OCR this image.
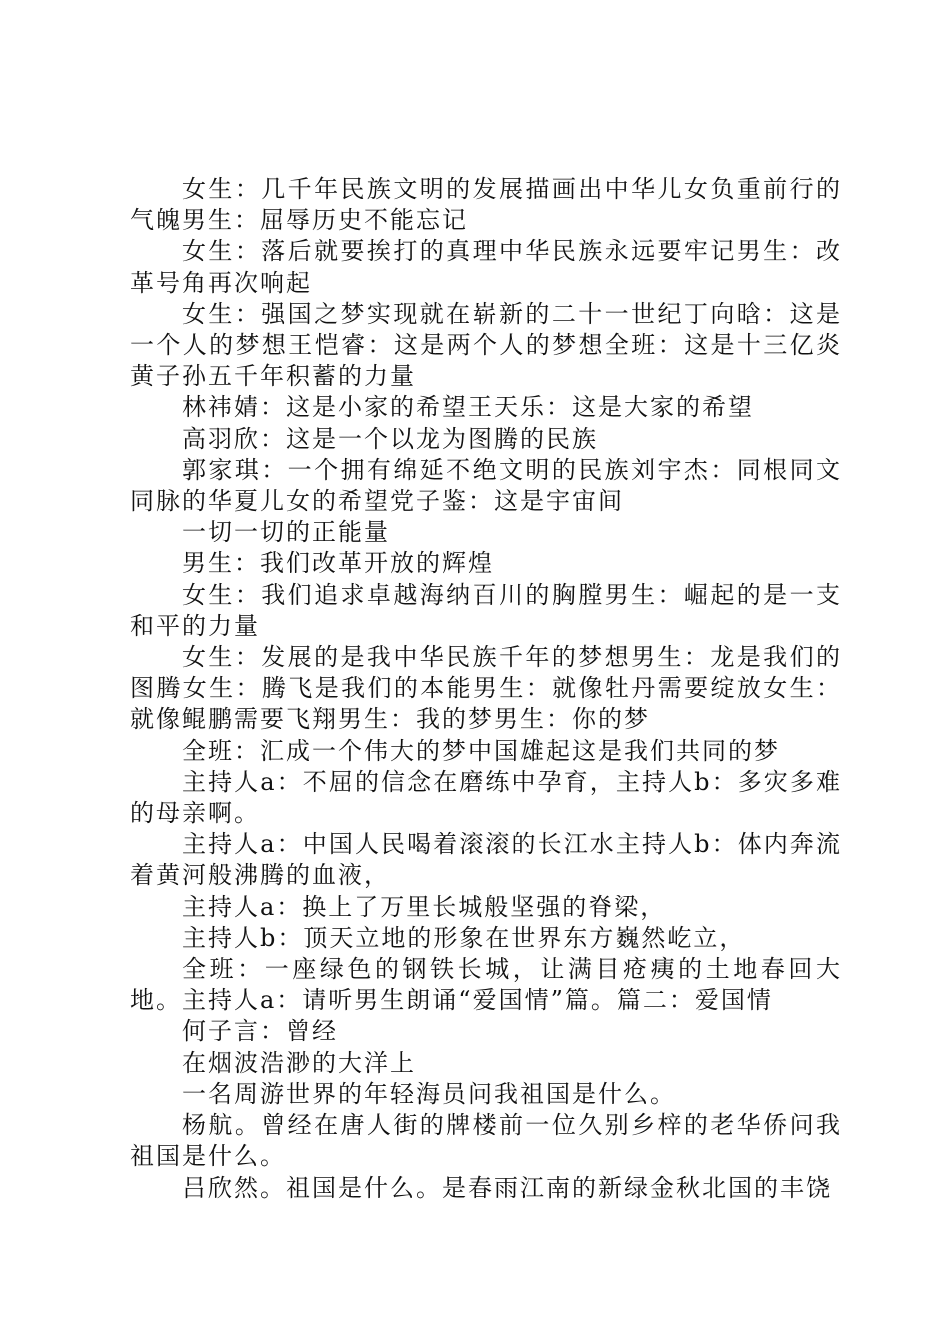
女生：几千年民族文明的发展描画出中华儿女负重前行的气魄男生：屈辱历史不能忘记

女生：落后就要挨打的真理中华民族永远要牢记男生：改革号角再次响起

女生：强国之梦实现就在崭新的二十一世纪丁向晗：这是一个人的梦想王恺睿：这是两个人的梦想全班：这是十三亿炎黄子孙五千年积蓄的力量

林祎婧：这是小家的希望王天乐：这是大家的希望

高羽欣：这是一个以龙为图腾的民族

郭家琪：一个拥有绵延不绝文明的民族刘宇杰：同根同文同脉的华夏儿女的希望党子鉴：这是宇宙间

一切一切的正能量

男生：我们改革开放的辉煌

女生：我们追求卓越海纳百川的胸膛男生：崛起的是一支和平的力量

女生：发展的是我中华民族千年的梦想男生：龙是我们的图腾女生：腾飞是我们的本能男生：就像牡丹需要绽放女生：就像鲲鹏需要飞翔男生：我的梦男生：你的梦

全班：汇成一个伟大的梦中国雄起这是我们共同的梦

主持人a：不屈的信念在磨练中孕育，主持人b：多灾多难的母亲啊。

主持人a：中国人民喝着滚滚的长江水主持人b：体内奔流着黄河般沸腾的血液，

主持人a：换上了万里长城般坚强的脊梁，

主持人b：顶天立地的形象在世界东方巍然屹立，

全班：一座绿色的钢铁长城，让满目疮痍的土地春回大地。主持人a：请听男生朗诵“爱国情”篇。篇二：爱国情

何子言：曾经

在烟波浩渺的大洋上

一名周游世界的年轻海员问我祖国是什么。

杨航。曾经在唐人街的牌楼前一位久别乡梓的老华侨问我祖国是什么。

吕欣然。祖国是什么。是春雨江南的新绿金秋北国的丰饶
